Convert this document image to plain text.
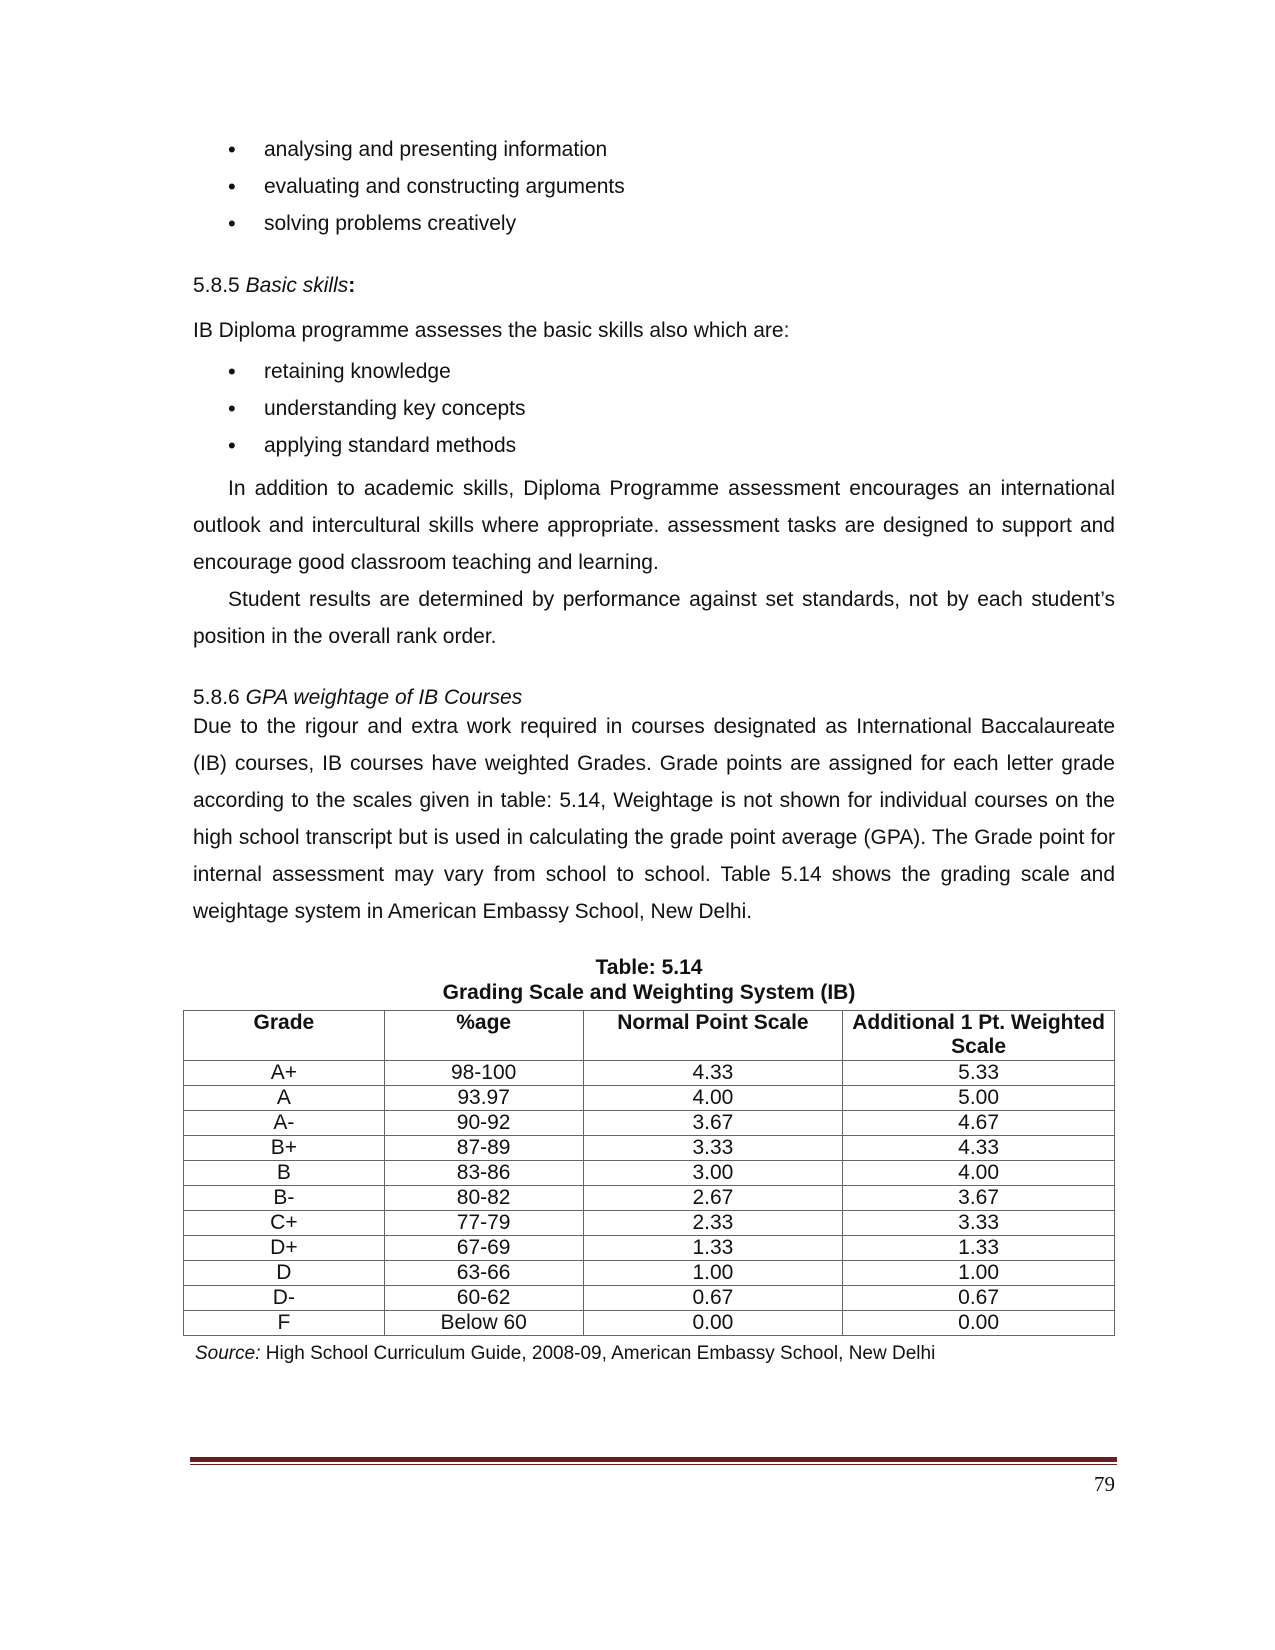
• analysing and presenting information
• evaluating and constructing arguments
• solving problems creatively
5.8.5 Basic skills:
IB Diploma programme assesses the basic skills also which are:
• retaining knowledge
• understanding key concepts
• applying standard methods
In addition to academic skills, Diploma Programme assessment encourages an international outlook and intercultural skills where appropriate. assessment tasks are designed to support and encourage good classroom teaching and learning.
Student results are determined by performance against set standards, not by each student’s position in the overall rank order.
5.8.6 GPA weightage of IB Courses
Due to the rigour and extra work required in courses designated as International Baccalaureate (IB) courses, IB courses have weighted Grades. Grade points are assigned for each letter grade according to the scales given in table: 5.14, Weightage is not shown for individual courses on the high school transcript but is used in calculating the grade point average (GPA). The Grade point for internal assessment may vary from school to school. Table 5.14 shows the grading scale and weightage system in American Embassy School, New Delhi.
Table: 5.14
Grading Scale and Weighting System (IB)
Grade	%age	Normal Point Scale	Additional 1 Pt. Weighted Scale
A+	98-100	4.33	5.33
A	93.97	4.00	5.00
A-	90-92	3.67	4.67
B+	87-89	3.33	4.33
B	83-86	3.00	4.00
B-	80-82	2.67	3.67
C+	77-79	2.33	3.33
D+	67-69	1.33	1.33
D	63-66	1.00	1.00
D-	60-62	0.67	0.67
F	Below 60	0.00	0.00
Source: High School Curriculum Guide, 2008-09, American Embassy School, New Delhi
79
